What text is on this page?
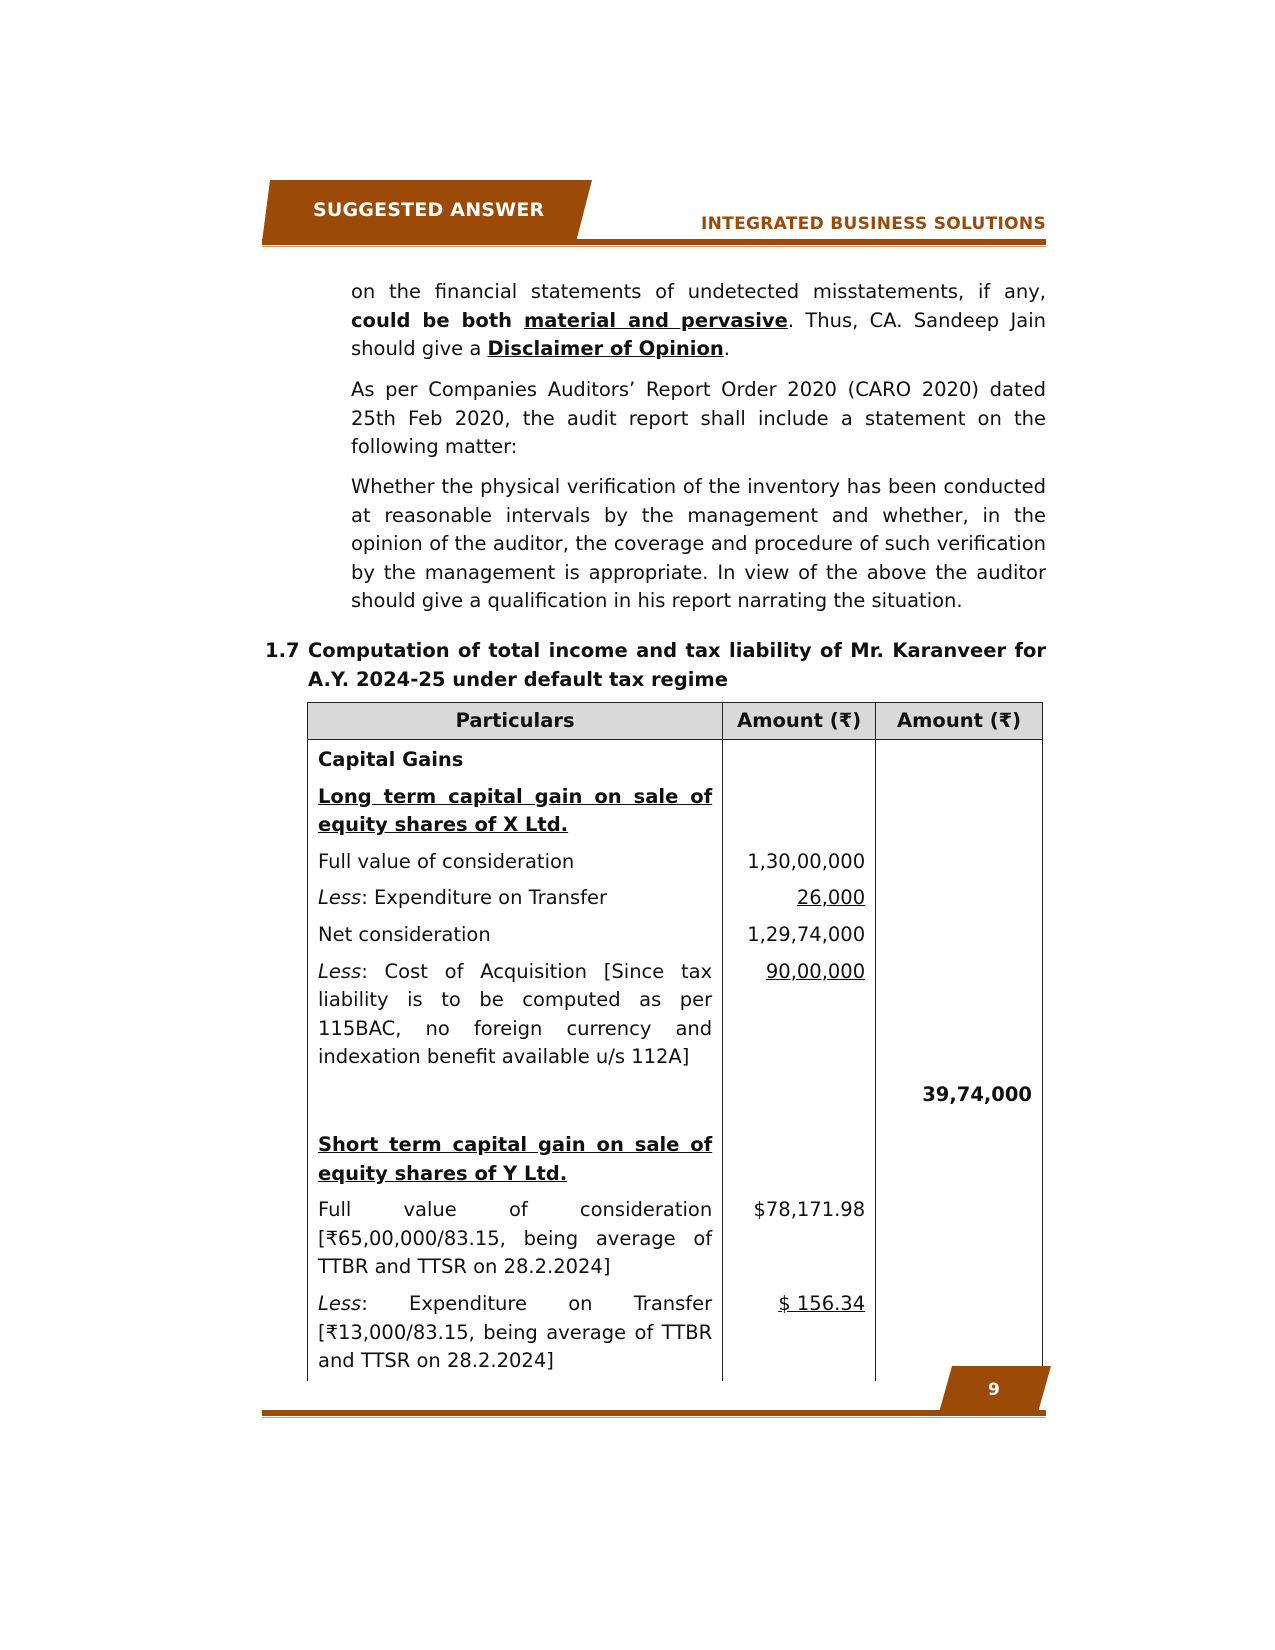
SUGGESTED ANSWER
INTEGRATED BUSINESS SOLUTIONS
on the financial statements of undetected misstatements, if any, could be both material and pervasive. Thus, CA. Sandeep Jain should give a Disclaimer of Opinion.
As per Companies Auditors’ Report Order 2020 (CARO 2020) dated 25th Feb 2020, the audit report shall include a statement on the following matter:
Whether the physical verification of the inventory has been conducted at reasonable intervals by the management and whether, in the opinion of the auditor, the coverage and procedure of such verification by the management is appropriate. In view of the above the auditor should give a qualification in his report narrating the situation.
1.7 Computation of total income and tax liability of Mr. Karanveer for A.Y. 2024-25 under default tax regime
Particulars	Amount (₹)	Amount (₹)
Capital Gains		
Long term capital gain on sale of equity shares of X Ltd.		
Full value of consideration	1,30,00,000	
Less: Expenditure on Transfer	26,000	
Net consideration	1,29,74,000	
Less: Cost of Acquisition [Since tax liability is to be computed as per 115BAC, no foreign currency and indexation benefit available u/s 112A]	90,00,000	
		39,74,000
Short term capital gain on sale of equity shares of Y Ltd.		
Full value of consideration [₹65,00,000/83.15, being average of TTBR and TTSR on 28.2.2024]	$78,171.98	
Less: Expenditure on Transfer [₹13,000/83.15, being average of TTBR and TTSR on 28.2.2024]	$ 156.34	
9
